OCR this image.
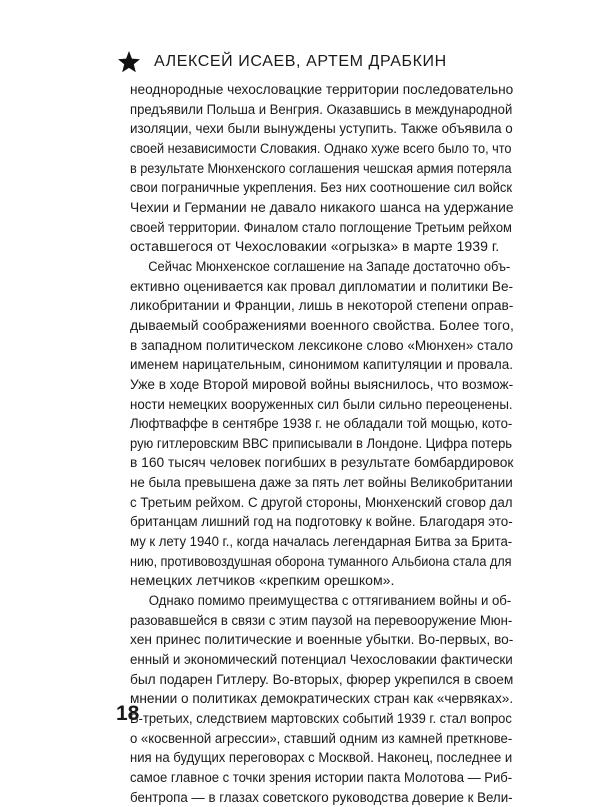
АЛЕКСЕЙ ИСАЕВ, АРТЕМ ДРАБКИН

неоднородные чехословацкие территории последовательно
предъявили Польша и Венгрия. Оказавшись в международной
изоляции, чехи были вынуждены уступить. Также объявила о
своей независимости Словакия. Однако хуже всего было то, что
в результате Мюнхенского соглашения чешская армия потеряла
свои пограничные укрепления. Без них соотношение сил войск
Чехии и Германии не давало никакого шанса на удержание
своей территории. Финалом стало поглощение Третьим рейхом
оставшегося от Чехословакии «огрызка» в марте 1939 г.

Сейчас Мюнхенское соглашение на Западе достаточно объ-
ективно оценивается как провал дипломатии и политики Ве-
ликобритании и Франции, лишь в некоторой степени оправ-
дываемый соображениями военного свойства. Более того,
в западном политическом лексиконе слово «Мюнхен» стало
именем нарицательным, синонимом капитуляции и провала.
Уже в ходе Второй мировой войны выяснилось, что возмож-
ности немецких вооруженных сил были сильно переоценены.
Люфтваффе в сентябре 1938 г. не обладали той мощью, кото-
рую гитлеровским ВВС приписывали в Лондоне. Цифра потерь
в 160 тысяч человек погибших в результате бомбардировок
не была превышена даже за пять лет войны Великобритании
с Третьим рейхом. С другой стороны, Мюнхенский сговор дал
британцам лишний год на подготовку к войне. Благодаря это-
му к лету 1940 г., когда началась легендарная Битва за Брита-
нию, противовоздушная оборона туманного Альбиона стала для
немецких летчиков «крепким орешком».

Однако помимо преимущества с оттягиванием войны и об-
разовавшейся в связи с этим паузой на перевооружение Мюн-
хен принес политические и военные убытки. Во-первых, во-
енный и экономический потенциал Чехословакии фактически
был подарен Гитлеру. Во-вторых, фюрер укрепился в своем
мнении о политиках демократических стран как «червяках».
В-третьих, следствием мартовских событий 1939 г. стал вопрос
о «косвенной агрессии», ставший одним из камней преткнове-
ния на будущих переговорах с Москвой. Наконец, последнее и
самое главное с точки зрения истории пакта Молотова — Риб-
бентропа — в глазах советского руководства доверие к Вели-

18
